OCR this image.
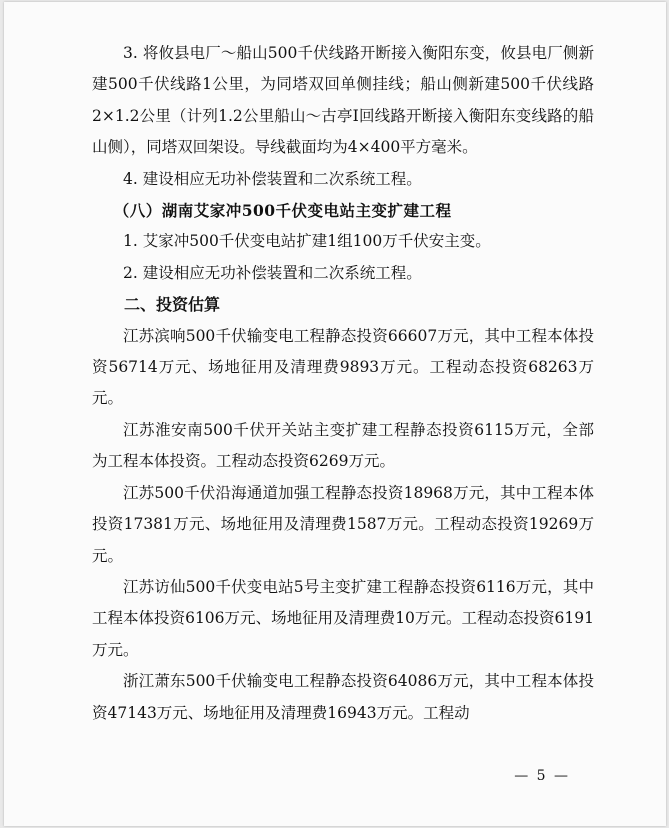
3. 将攸县电厂～船山500千伏线路开断接入衡阳东变，攸县电厂侧新建500千伏线路1公里，为同塔双回单侧挂线；船山侧新建500千伏线路2×1.2公里（计列1.2公里船山～古亭Ⅰ回线路开断接入衡阳东变线路的船山侧），同塔双回架设。导线截面均为4×400平方毫米。

4. 建设相应无功补偿装置和二次系统工程。

（八）湖南艾家冲500千伏变电站主变扩建工程

1. 艾家冲500千伏变电站扩建1组100万千伏安主变。

2. 建设相应无功补偿装置和二次系统工程。

二、投资估算

江苏滨响500千伏输变电工程静态投资66607万元，其中工程本体投资56714万元、场地征用及清理费9893万元。工程动态投资68263万元。

江苏淮安南500千伏开关站主变扩建工程静态投资6115万元，全部为工程本体投资。工程动态投资6269万元。

江苏500千伏沿海通道加强工程静态投资18968万元，其中工程本体投资17381万元、场地征用及清理费1587万元。工程动态投资19269万元。

江苏访仙500千伏变电站5号主变扩建工程静态投资6116万元，其中工程本体投资6106万元、场地征用及清理费10万元。工程动态投资6191万元。

浙江萧东500千伏输变电工程静态投资64086万元，其中工程本体投资47143万元、场地征用及清理费16943万元。工程动

— 5 —
